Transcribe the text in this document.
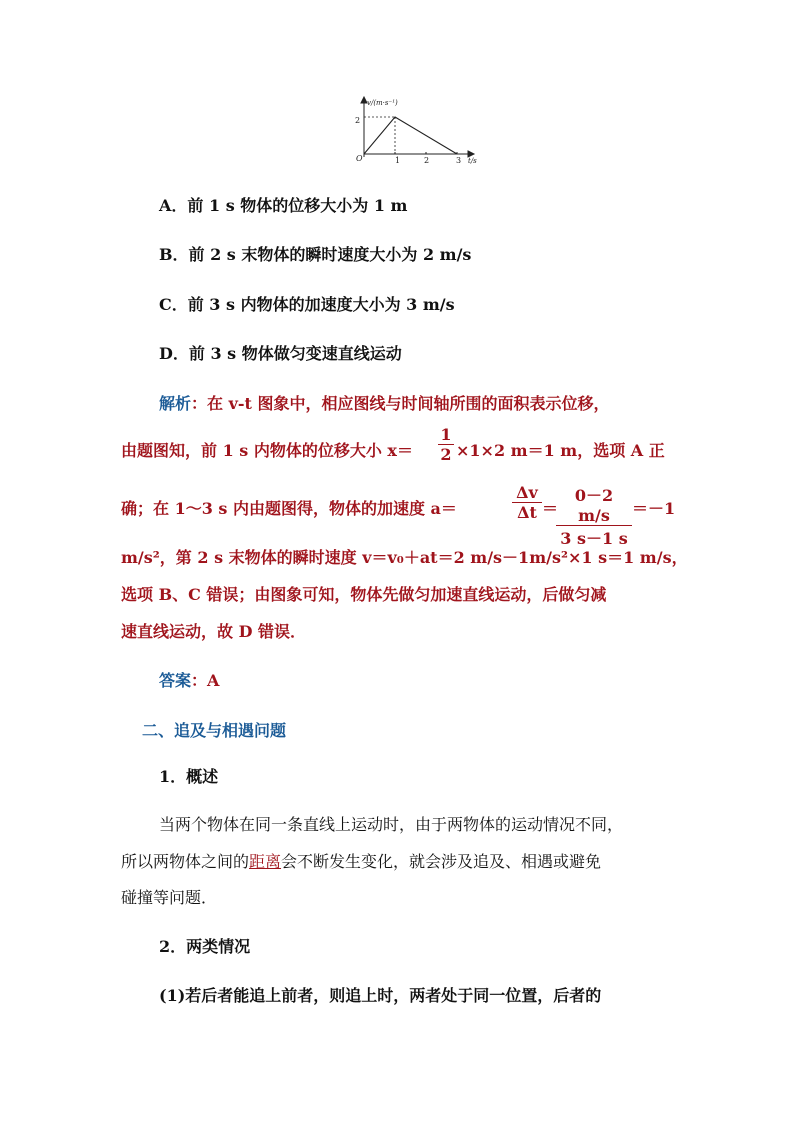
v/(m·s⁻¹)
t/s
O
2
1	2	3
A．前 1 s 物体的位移大小为 1 m
B．前 2 s 末物体的瞬时速度大小为 2 m/s
C．前 3 s 内物体的加速度大小为 3 m/s
D．前 3 s 物体做匀变速直线运动
解析：在 v-t 图象中，相应图线与时间轴所围的面积表示位移，
由题图知，前 1 s 内物体的位移大小 $x= \frac{1}{2} \times 1\times 2$ m＝1 m，选项 A 正
确；在 1～3 s 内由题图得，物体的加速度 a＝	$\frac{\Delta v}{\Delta t}$ ＝
$\frac{0-2 m/s}{3 s-1 s} =-1$
m/s²，第 2 s 末物体的瞬时速度 v＝v₀＋at＝2 m/s－1m/s²×1 s＝1 m/s，
选项 B、C 错误；由图象可知，物体先做匀加速直线运动，后做匀减
速直线运动，故 D 错误．
答案：A
二、追及与相遇问题
1．概述
当两个物体在同一条直线上运动时，由于两物体的运动情况不同，
所以两物体之间的距离会不断发生变化，就会涉及追及、相遇或避免
碰撞等问题．
2．两类情况
(1)若后者能追上前者，则追上时，两者处于同一位置，后者的
